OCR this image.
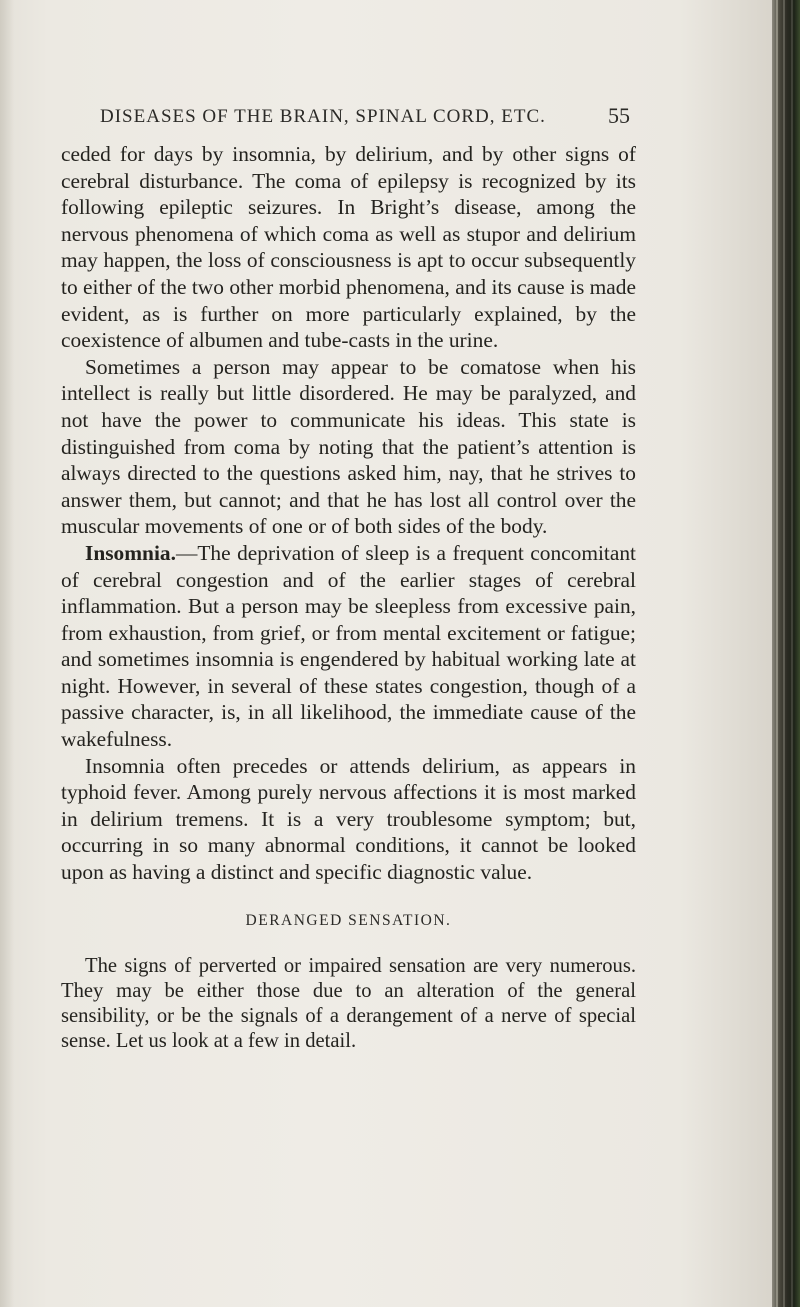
DISEASES OF THE BRAIN, SPINAL CORD, ETC.	55

ceded for days by insomnia, by delirium, and by other signs of cerebral disturbance. The coma of epilepsy is recognized by its following epileptic seizures. In Bright’s disease, among the nervous phenomena of which coma as well as stupor and delirium may happen, the loss of consciousness is apt to occur subsequently to either of the two other morbid phenomena, and its cause is made evident, as is further on more particularly explained, by the coexistence of albumen and tube-casts in the urine.

Sometimes a person may appear to be comatose when his intellect is really but little disordered. He may be paralyzed, and not have the power to communicate his ideas. This state is distinguished from coma by noting that the patient’s attention is always directed to the questions asked him, nay, that he strives to answer them, but cannot; and that he has lost all control over the muscular movements of one or of both sides of the body.

Insomnia.—The deprivation of sleep is a frequent concomitant of cerebral congestion and of the earlier stages of cerebral inflammation. But a person may be sleepless from excessive pain, from exhaustion, from grief, or from mental excitement or fatigue; and sometimes insomnia is engendered by habitual working late at night. However, in several of these states congestion, though of a passive character, is, in all likelihood, the immediate cause of the wakefulness.

Insomnia often precedes or attends delirium, as appears in typhoid fever. Among purely nervous affections it is most marked in delirium tremens. It is a very troublesome symptom; but, occurring in so many abnormal conditions, it cannot be looked upon as having a distinct and specific diagnostic value.

DERANGED SENSATION.

The signs of perverted or impaired sensation are very numerous. They may be either those due to an alteration of the general sensibility, or be the signals of a derangement of a nerve of special sense. Let us look at a few in detail.
